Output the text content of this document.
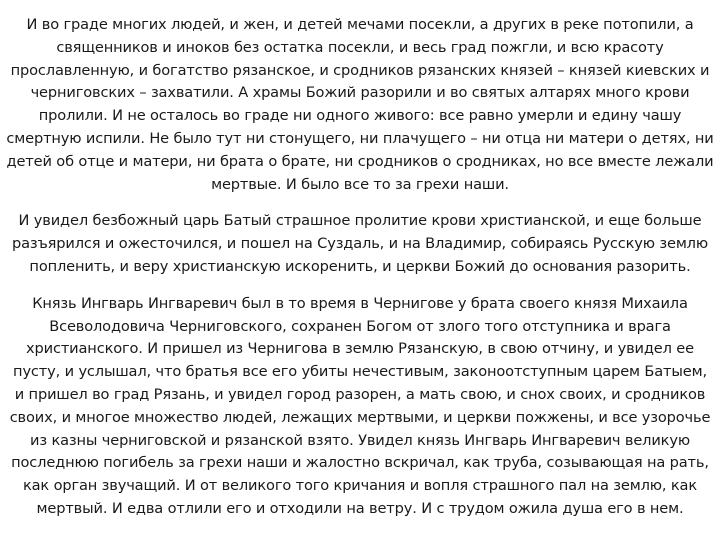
И во граде многих людей, и жен, и детей мечами посекли, а других в реке потопили, а
священников и иноков без остатка посекли, и весь град пожгли, и всю красоту
прославленную, и богатство рязанское, и сродников рязанских князей – князей киевских и
черниговских – захватили. А храмы Божий разорили и во святых алтарях много крови
пролили. И не осталось во граде ни одного живого: все равно умерли и едину чашу
смертную испили. Не было тут ни стонущего, ни плачущего – ни отца ни матери о детях, ни
детей об отце и матери, ни брата о брате, ни сродников о сродниках, но все вместе лежали
мертвые. И было все то за грехи наши.

И увидел безбожный царь Батый страшное пролитие крови христианской, и еще больше
разъярился и ожесточился, и пошел на Суздаль, и на Владимир, собираясь Русскую землю
попленить, и веру христианскую искоренить, и церкви Божий до основания разорить.

Князь Ингварь Ингваревич был в то время в Чернигове у брата своего князя Михаила
Всеволодовича Черниговского, сохранен Богом от злого того отступника и врага
христианского. И пришел из Чернигова в землю Рязанскую, в свою отчину, и увидел ее
пусту, и услышал, что братья все его убиты нечестивым, законоотступным царем Батыем,
и пришел во град Рязань, и увидел город разорен, а мать свою, и снох своих, и сродников
своих, и многое множество людей, лежащих мертвыми, и церкви пожжены, и все узорочье
из казны черниговской и рязанской взято. Увидел князь Ингварь Ингваревич великую
последнюю погибель за грехи наши и жалостно вскричал, как труба, созывающая на рать,
как орган звучащий. И от великого того кричания и вопля страшного пал на землю, как
мертвый. И едва отлили его и отходили на ветру. И с трудом ожила душа его в нем.
